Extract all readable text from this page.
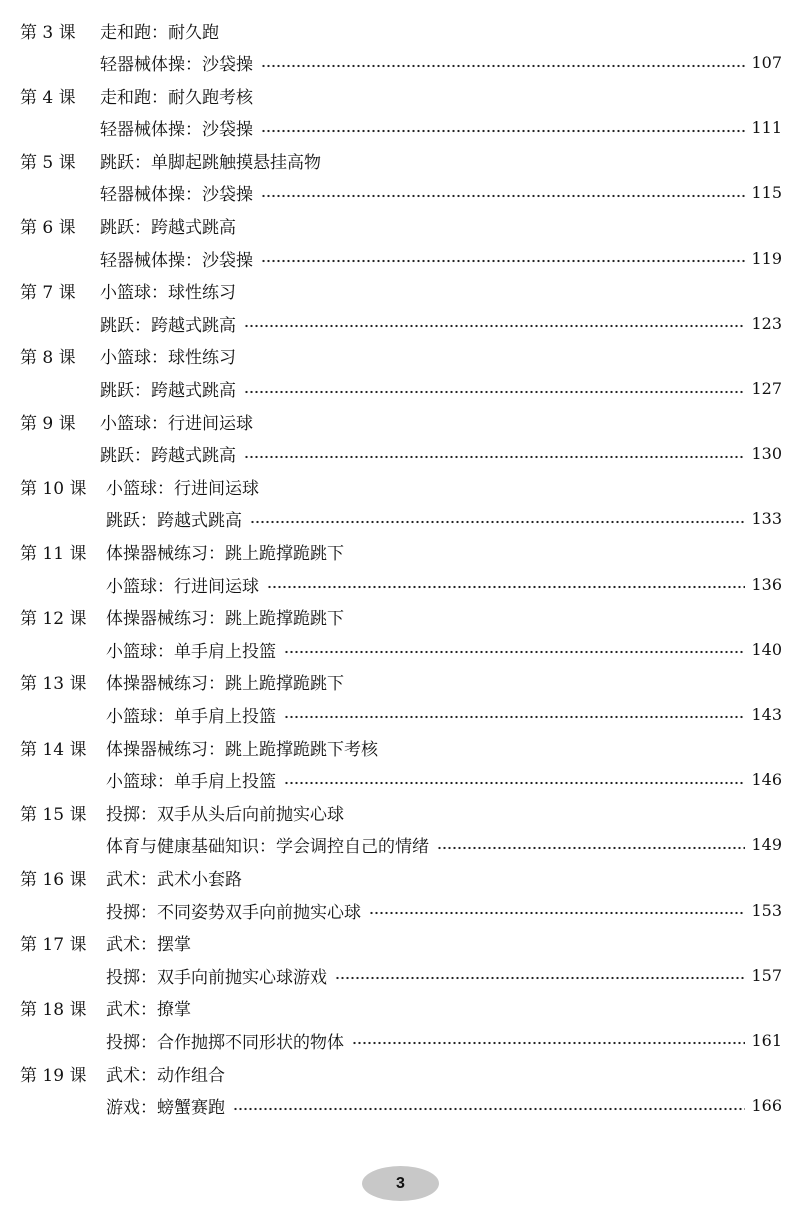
第 3 课	走和跑：耐久跑
轻器械体操：沙袋操	107
第 4 课	走和跑：耐久跑考核
轻器械体操：沙袋操	111
第 5 课	跳跃：单脚起跳触摸悬挂高物
轻器械体操：沙袋操	115
第 6 课	跳跃：跨越式跳高
轻器械体操：沙袋操	119
第 7 课	小篮球：球性练习
跳跃：跨越式跳高	123
第 8 课	小篮球：球性练习
跳跃：跨越式跳高	127
第 9 课	小篮球：行进间运球
跳跃：跨越式跳高	130
第 10 课	小篮球：行进间运球
跳跃：跨越式跳高	133
第 11 课	体操器械练习：跳上跪撑跪跳下
小篮球：行进间运球	136
第 12 课	体操器械练习：跳上跪撑跪跳下
小篮球：单手肩上投篮	140
第 13 课	体操器械练习：跳上跪撑跪跳下
小篮球：单手肩上投篮	143
第 14 课	体操器械练习：跳上跪撑跪跳下考核
小篮球：单手肩上投篮	146
第 15 课	投掷：双手从头后向前抛实心球
体育与健康基础知识：学会调控自己的情绪	149
第 16 课	武术：武术小套路
投掷：不同姿势双手向前抛实心球	153
第 17 课	武术：摆掌
投掷：双手向前抛实心球游戏	157
第 18 课	武术：撩掌
投掷：合作抛掷不同形状的物体	161
第 19 课	武术：动作组合
游戏：螃蟹赛跑	166
3
